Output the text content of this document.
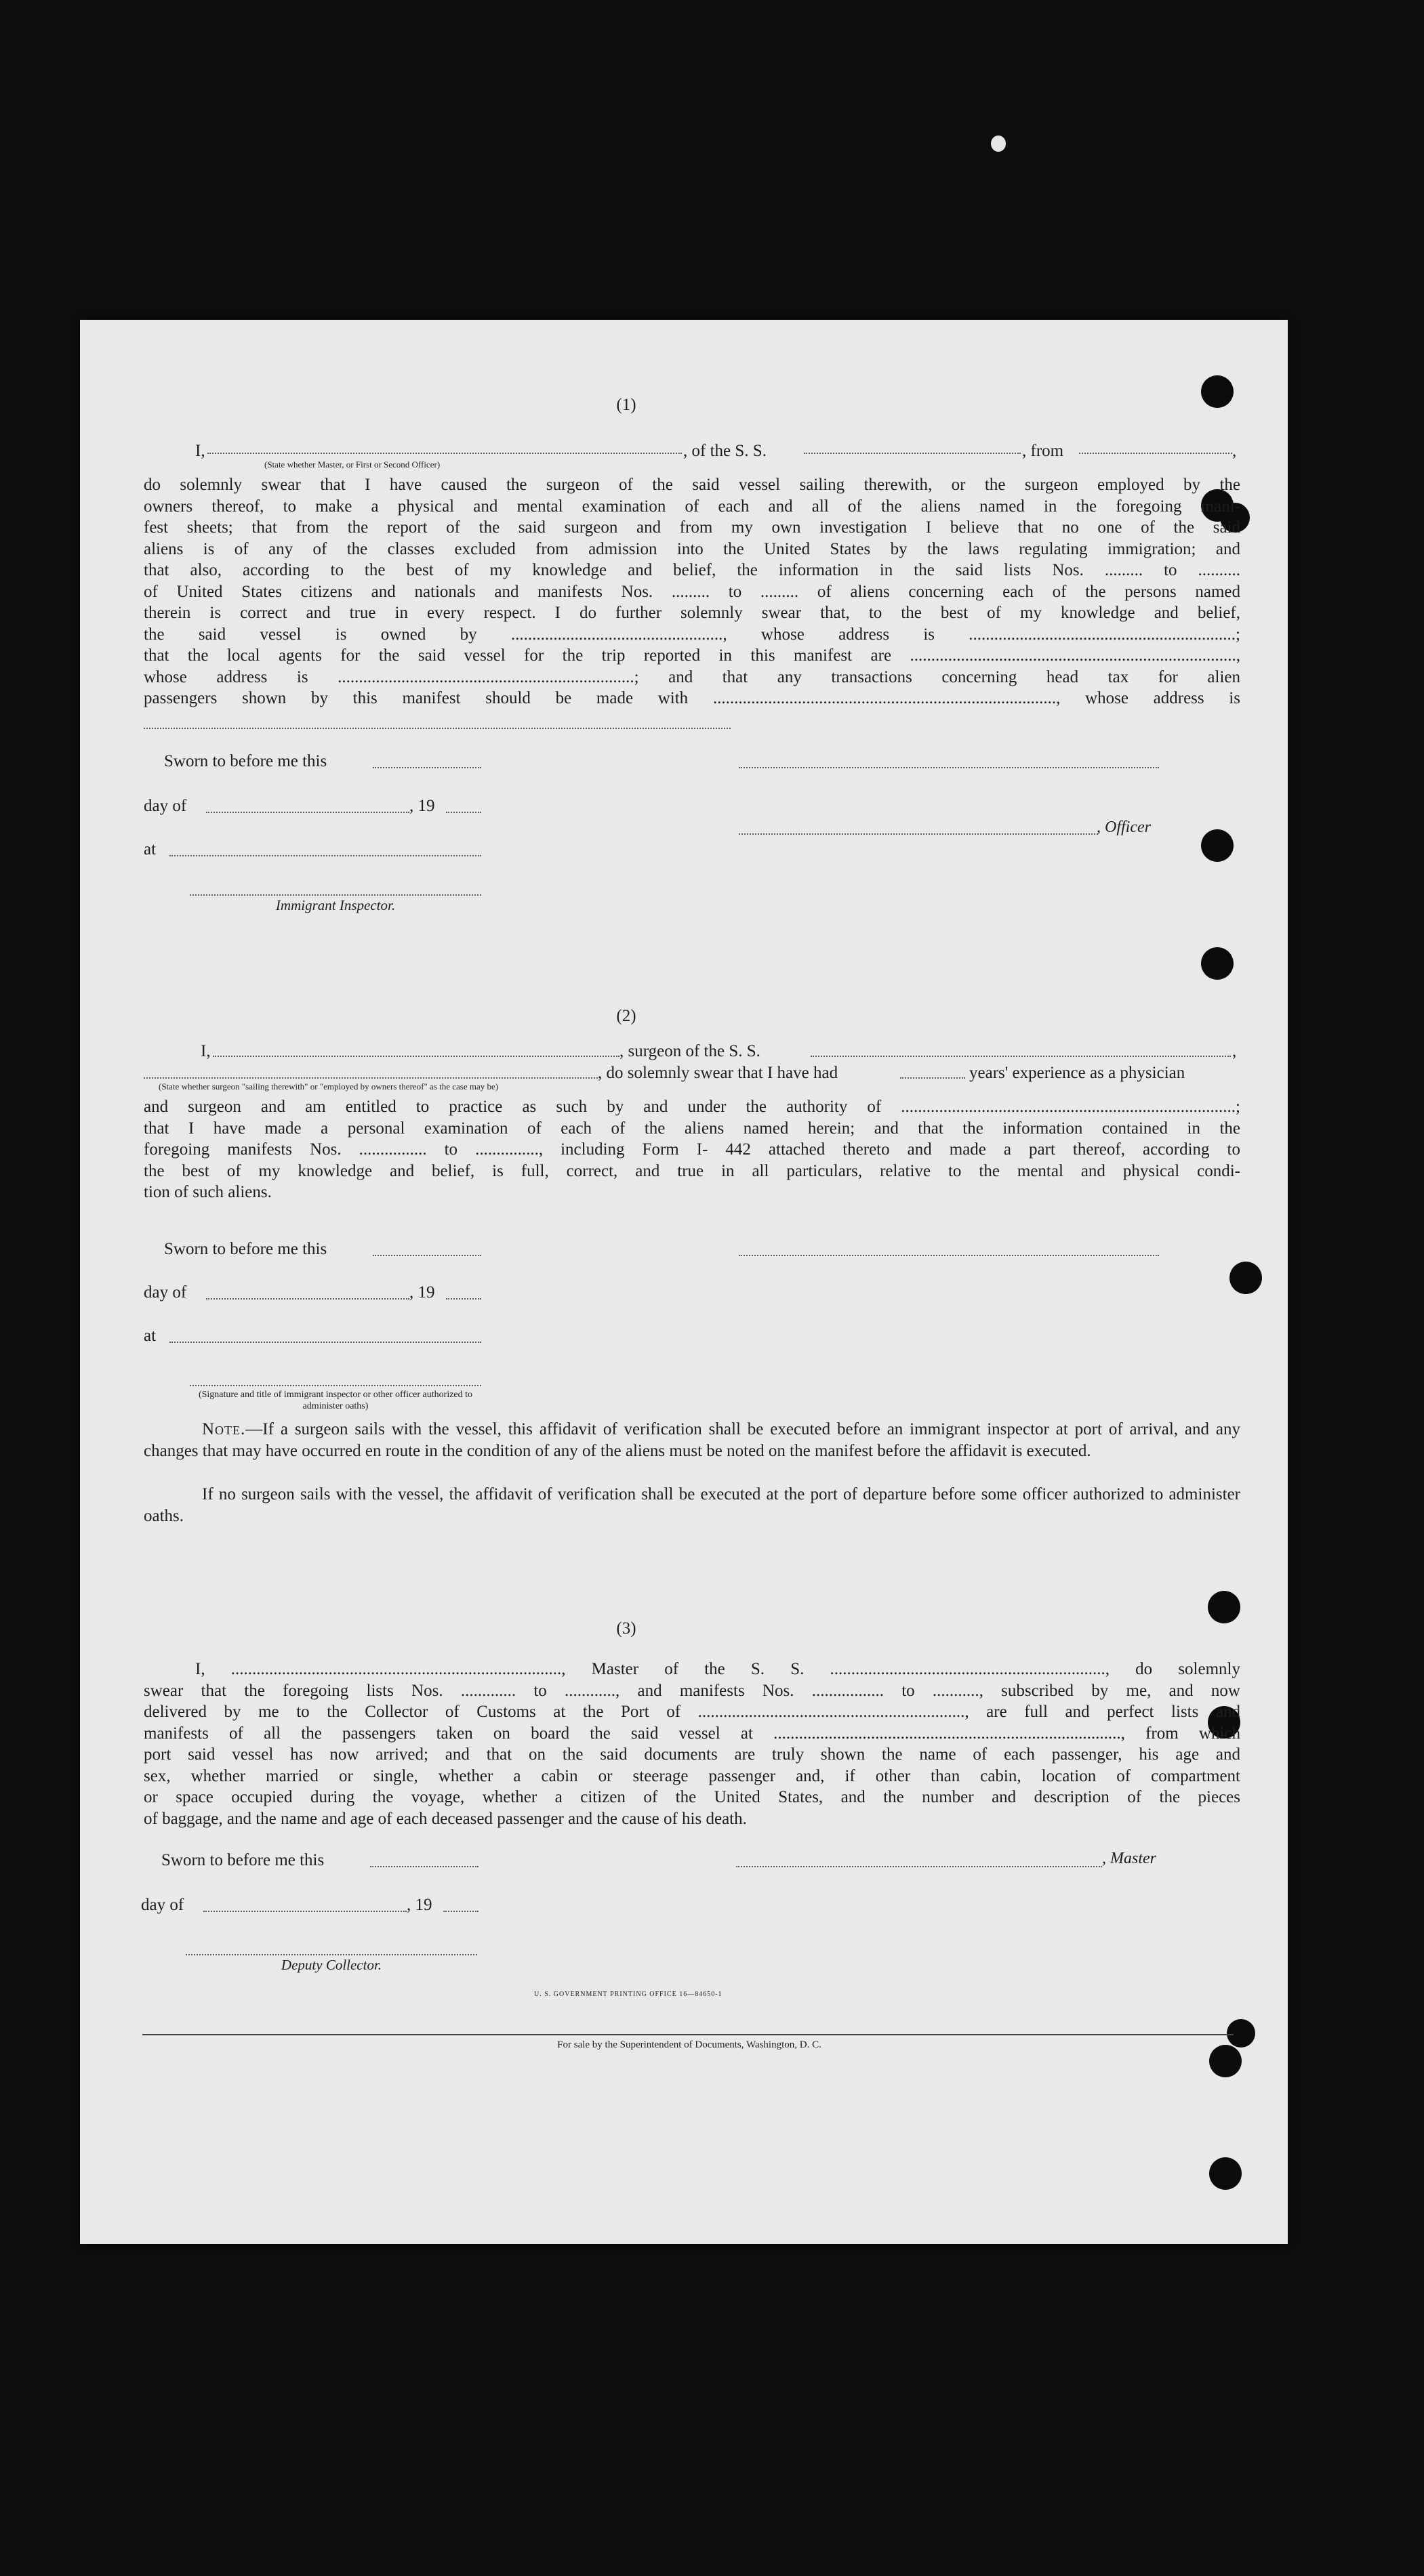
(1)
I,	, of the S. S.	, from	,
(State whether Master, or First or Second Officer)
do solemnly swear that I have caused the surgeon of the said vessel sailing therewith, or the surgeon employed by the
owners thereof, to make a physical and mental examination of each and all of the aliens named in the foregoing mani-
fest sheets; that from the report of the said surgeon and from my own investigation I believe that no one of the said
aliens is of any of the classes excluded from admission into the United States by the laws regulating immigration; and
that also, according to the best of my knowledge and belief, the information in the said lists Nos. ......... to ..........
of United States citizens and nationals and manifests Nos. ......... to ......... of aliens concerning each of the persons named
therein is correct and true in every respect. I do further solemnly swear that, to the best of my knowledge and belief,
the said vessel is owned by .................................................., whose address is ...............................................................;
that the local agents for the said vessel for the trip reported in this manifest are .............................................................................,
whose address is ......................................................................; and that any transactions concerning head tax for alien
passengers shown by this manifest should be made with ................................................................................., whose address is
Sworn to before me this
day of	, 19
, Officer
at
Immigrant Inspector.
(2)
I,	, surgeon of the S. S.	,
, do solemnly swear that I have had	years' experience as a physician
(State whether surgeon "sailing therewith" or "employed by owners thereof" as the case may be)
and surgeon and am entitled to practice as such by and under the authority of ...............................................................................;
that I have made a personal examination of each of the aliens named herein; and that the information contained in the
foregoing manifests Nos. ................ to ..............., including Form I- 442 attached thereto and made a part thereof, according to
the best of my knowledge and belief, is full, correct, and true in all particulars, relative to the mental and physical condi-
tion of such aliens.
Sworn to before me this
day of	, 19
at
(Signature and title of immigrant inspector or other officer authorized to administer oaths)
Note.—If a surgeon sails with the vessel, this affidavit of verification shall be executed before an immigrant inspector at port of arrival, and any changes that may have occurred en route in the condition of any of the aliens must be noted on the manifest before the affidavit is executed.
If no surgeon sails with the vessel, the affidavit of verification shall be executed at the port of departure before some officer authorized to administer oaths.
(3)
I, .............................................................................., Master of the S. S. ................................................................., do solemnly
swear that the foregoing lists Nos. ............. to ............, and manifests Nos. ................. to ..........., subscribed by me, and now
delivered by me to the Collector of Customs at the Port of ..............................................................., are full and perfect lists and
manifests of all the passengers taken on board the said vessel at .................................................................................., from which
port said vessel has now arrived; and that on the said documents are truly shown the name of each passenger, his age and
sex, whether married or single, whether a cabin or steerage passenger and, if other than cabin, location of compartment
or space occupied during the voyage, whether a citizen of the United States, and the number and description of the pieces
of baggage, and the name and age of each deceased passenger and the cause of his death.
Sworn to before me this	, Master
day of	, 19
Deputy Collector.
U. S. GOVERNMENT PRINTING OFFICE 16—84650-1
For sale by the Superintendent of Documents, Washington, D. C.
